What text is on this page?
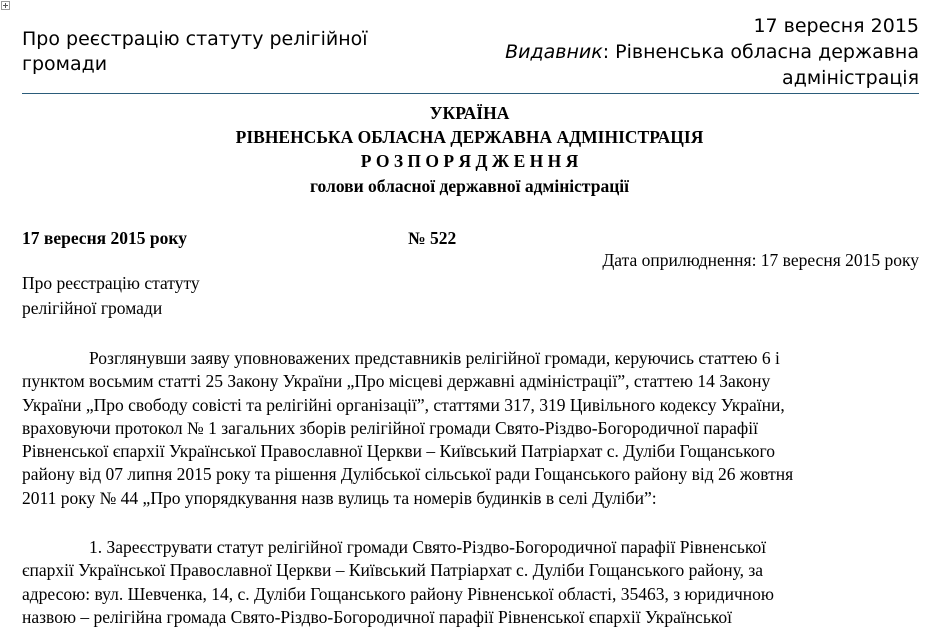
Про реєстрацію статуту релігійної
громади
17 вересня 2015
Видавник: Рівненська обласна державна
адміністрація
УКРАЇНА
РІВНЕНСЬКА ОБЛАСНА ДЕРЖАВНА АДМІНІСТРАЦІЯ
Р О З П О Р Я Д Ж Е Н Н Я
голови обласної державної адміністрації
17 вересня 2015 року	№ 522
Дата оприлюднення: 17 вересня 2015 року
Про реєстрацію статуту
релігійної громади
Розглянувши заяву уповноважених представників релігійної громади, керуючись статтею 6 і
пунктом восьмим статті 25 Закону України „Про місцеві державні адміністрації”, статтею 14 Закону
України „Про свободу совісті та релігійні організації”, статтями 317, 319 Цивільного кодексу України,
враховуючи протокол № 1 загальних зборів релігійної громади Свято-Різдво-Богородичної парафії
Рівненської єпархії Української Православної Церкви – Київський Патріархат с. Дуліби Гощанського
району від 07 липня 2015 року та рішення Дулібської сільської ради Гощанського району від 26 жовтня
2011 року № 44 „Про упорядкування назв вулиць та номерів будинків в селі Дуліби”:
1. Зареєструвати статут релігійної громади Свято-Різдво-Богородичної парафії Рівненської
єпархії Української Православної Церкви – Київський Патріархат с. Дуліби Гощанського району, за
адресою: вул. Шевченка, 14, с. Дуліби Гощанського району Рівненської області, 35463, з юридичною
назвою – релігійна громада Свято-Різдво-Богородичної парафії Рівненської єпархії Української
